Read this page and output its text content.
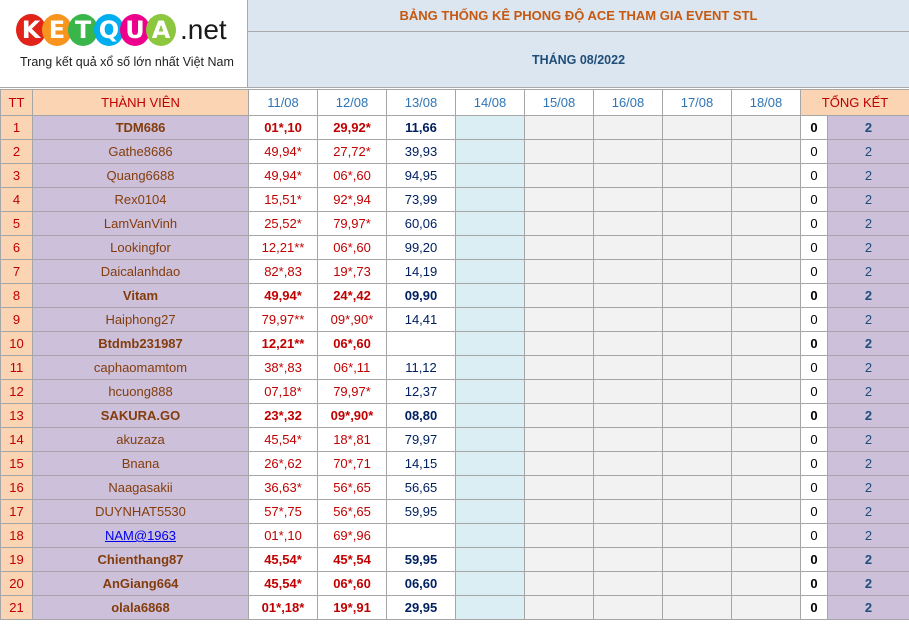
K E T Q U A .net
Trang kết quả xổ số lớn nhất Việt Nam
BẢNG THỐNG KÊ PHONG ĐỘ ACE THAM GIA EVENT STL
THÁNG 08/2022
TT	THÀNH VIÊN	11/08	12/08	13/08	14/08	15/08	16/08	17/08	18/08	TỔNG KẾT	
1	TDM686	01*,10	29,92*	11,66						0	2
2	Gathe8686	49,94*	27,72*	39,93						0	2
3	Quang6688	49,94*	06*,60	94,95						0	2
4	Rex0104	15,51*	92*,94	73,99						0	2
5	LamVanVinh	25,52*	79,97*	60,06						0	2
6	Lookingfor	12,21**	06*,60	99,20						0	2
7	Daicalanhdao	82*,83	19*,73	14,19						0	2
8	Vitam	49,94*	24*,42	09,90						0	2
9	Haiphong27	79,97**	09*,90*	14,41						0	2
10	Btdmb231987	12,21**	06*,60							0	2
11	caphaomamtom	38*,83	06*,11	11,12						0	2
12	hcuong888	07,18*	79,97*	12,37						0	2
13	SAKURA.GO	23*,32	09*,90*	08,80						0	2
14	akuzaza	45,54*	18*,81	79,97						0	2
15	Bnana	26*,62	70*,71	14,15						0	2
16	Naagasakii	36,63*	56*,65	56,65						0	2
17	DUYNHAT5530	57*,75	56*,65	59,95						0	2
18	NAM@1963	01*,10	69*,96							0	2
19	Chienthang87	45,54*	45*,54	59,95						0	2
20	AnGiang664	45,54*	06*,60	06,60						0	2
21	olala6868	01*,18*	19*,91	29,95						0	2
